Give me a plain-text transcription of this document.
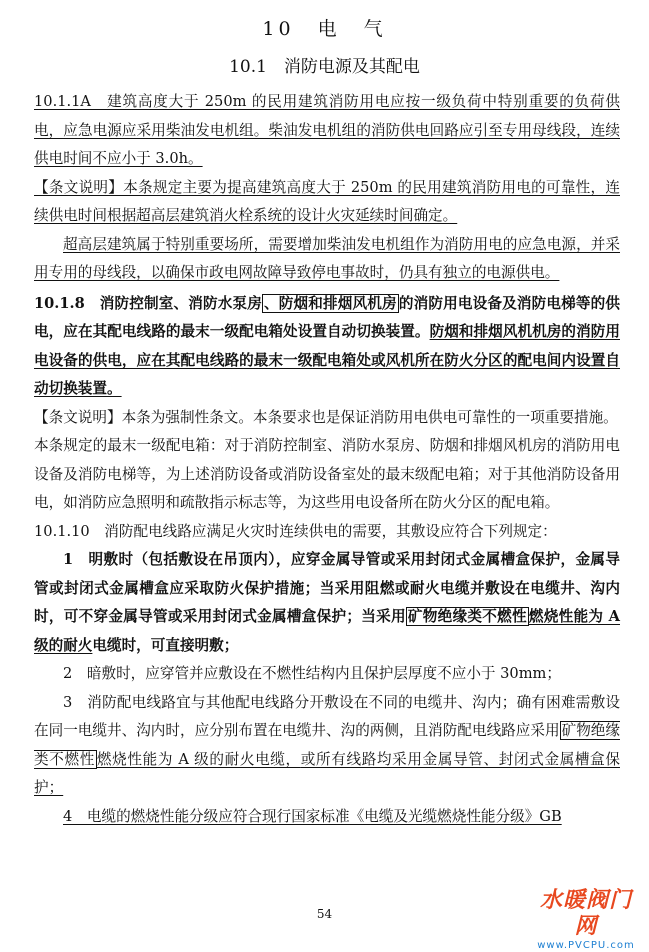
10　电　气
10.1　消防电源及其配电

10.1.1A　建筑高度大于 250m 的民用建筑消防用电应按一级负荷中特别重要的负荷供电，应急电源应采用柴油发电机组。柴油发电机组的消防供电回路应引至专用母线段，连续供电时间不应小于 3.0h。

【条文说明】本条规定主要为提高建筑高度大于 250m 的民用建筑消防用电的可靠性，连续供电时间根据超高层建筑消火栓系统的设计火灾延续时间确定。

超高层建筑属于特别重要场所，需要增加柴油发电机组作为消防用电的应急电源，并采用专用的母线段，以确保市政电网故障导致停电事故时，仍具有独立的电源供电。

10.1.8　消防控制室、消防水泵房 、防烟和排烟风机房 的消防用电设备及消防电梯等的供电，应在其配电线路的最末一级配电箱处设置自动切换装置。防烟和排烟风机机房的消防用电设备的供电，应在其配电线路的最末一级配电箱处或风机所在防火分区的配电间内设置自动切换装置。

【条文说明】本条为强制性条文。本条要求也是保证消防用电供电可靠性的一项重要措施。

本条规定的最末一级配电箱：对于消防控制室、消防水泵房、防烟和排烟风机房的消防用电设备及消防电梯等，为上述消防设备或消防设备室处的最末级配电箱；对于其他消防设备用电，如消防应急照明和疏散指示标志等，为这些用电设备所在防火分区的配电箱。

10.1.10　消防配电线路应满足火灾时连续供电的需要，其敷设应符合下列规定：

1　明敷时（包括敷设在吊顶内），应穿金属导管或采用封闭式金属槽盒保护，金属导管或封闭式金属槽盒应采取防火保护措施；当采用阻燃或耐火电缆并敷设在电缆井、沟内时，可不穿金属导管或采用封闭式金属槽盒保护；当采用 矿物绝缘类不燃性 燃烧性能为 A 级的耐火电缆时，可直接明敷；

2　暗敷时，应穿管并应敷设在不燃性结构内且保护层厚度不应小于 30mm；

3　消防配电线路宜与其他配电线路分开敷设在不同的电缆井、沟内；确有困难需敷设在同一电缆井、沟内时，应分别布置在电缆井、沟的两侧，且消防配电线路应采用 矿物绝缘类不燃性 燃烧性能为 A 级的耐火电缆，或所有线路均采用金属导管、封闭式金属槽盒保护；

4　电缆的燃烧性能分级应符合现行国家标准《电缆及光缆燃烧性能分级》GB

54
水暖阀门网
www.PVCPU.com
